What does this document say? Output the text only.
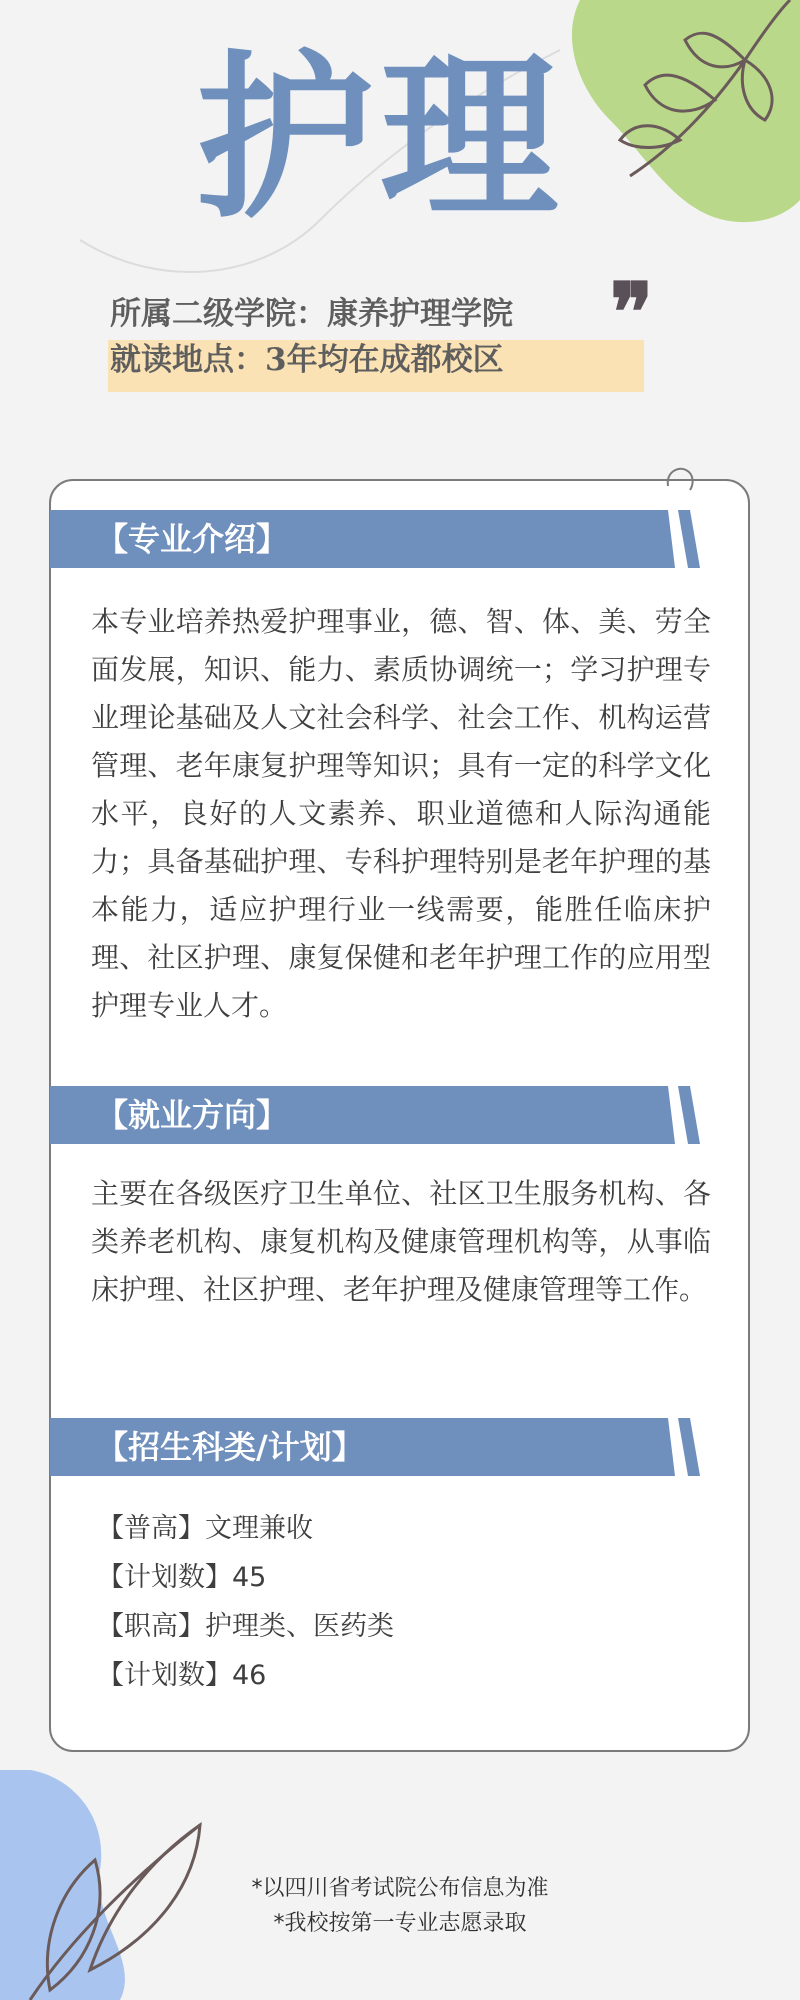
护理
所属二级学院：康养护理学院
就读地点：3年均在成都校区
❞
【专业介绍】

本专业培养热爱护理事业，德、智、体、美、劳全面发展，知识、能力、素质协调统一；学习护理专业理论基础及人文社会科学、社会工作、机构运营管理、老年康复护理等知识；具有一定的科学文化水平，良好的人文素养、职业道德和人际沟通能力；具备基础护理、专科护理特别是老年护理的基本能力，适应护理行业一线需要，能胜任临床护理、社区护理、康复保健和老年护理工作的应用型护理专业人才。

【就业方向】

主要在各级医疗卫生单位、社区卫生服务机构、各类养老机构、康复机构及健康管理机构等，从事临床护理、社区护理、老年护理及健康管理等工作。

【招生科类/计划】
【普高】文理兼收
【计划数】45
【职高】护理类、医药类
【计划数】46
*以四川省考试院公布信息为准
*我校按第一专业志愿录取
